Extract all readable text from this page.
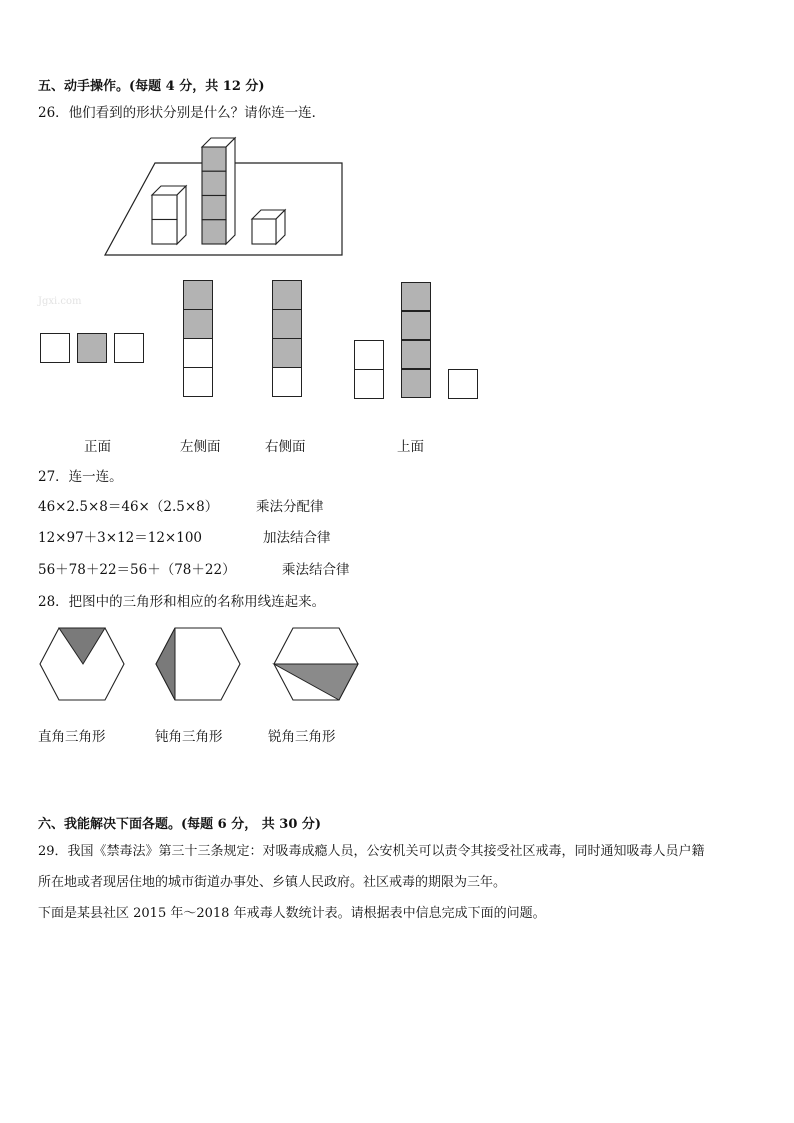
五、动手操作。(每题 4 分，共 12 分)
26．他们看到的形状分别是什么？请你连一连．
Jgxi.com
正面	左侧面	右侧面	上面
27．连一连。
46×2.5×8＝46×（2.5×8）	乘法分配律
12×97＋3×12＝12×100	加法结合律
56＋78＋22＝56＋（78＋22）	乘法结合律
28．把图中的三角形和相应的名称用线连起来。
直角三角形	钝角三角形	锐角三角形
六、我能解决下面各题。(每题 6 分， 共 30 分)
29．我国《禁毒法》第三十三条规定：对吸毒成瘾人员，公安机关可以责令其接受社区戒毒，同时通知吸毒人员户籍
所在地或者现居住地的城市街道办事处、乡镇人民政府。社区戒毒的期限为三年。
下面是某县社区 2015 年～2018 年戒毒人数统计表。请根据表中信息完成下面的问题。
